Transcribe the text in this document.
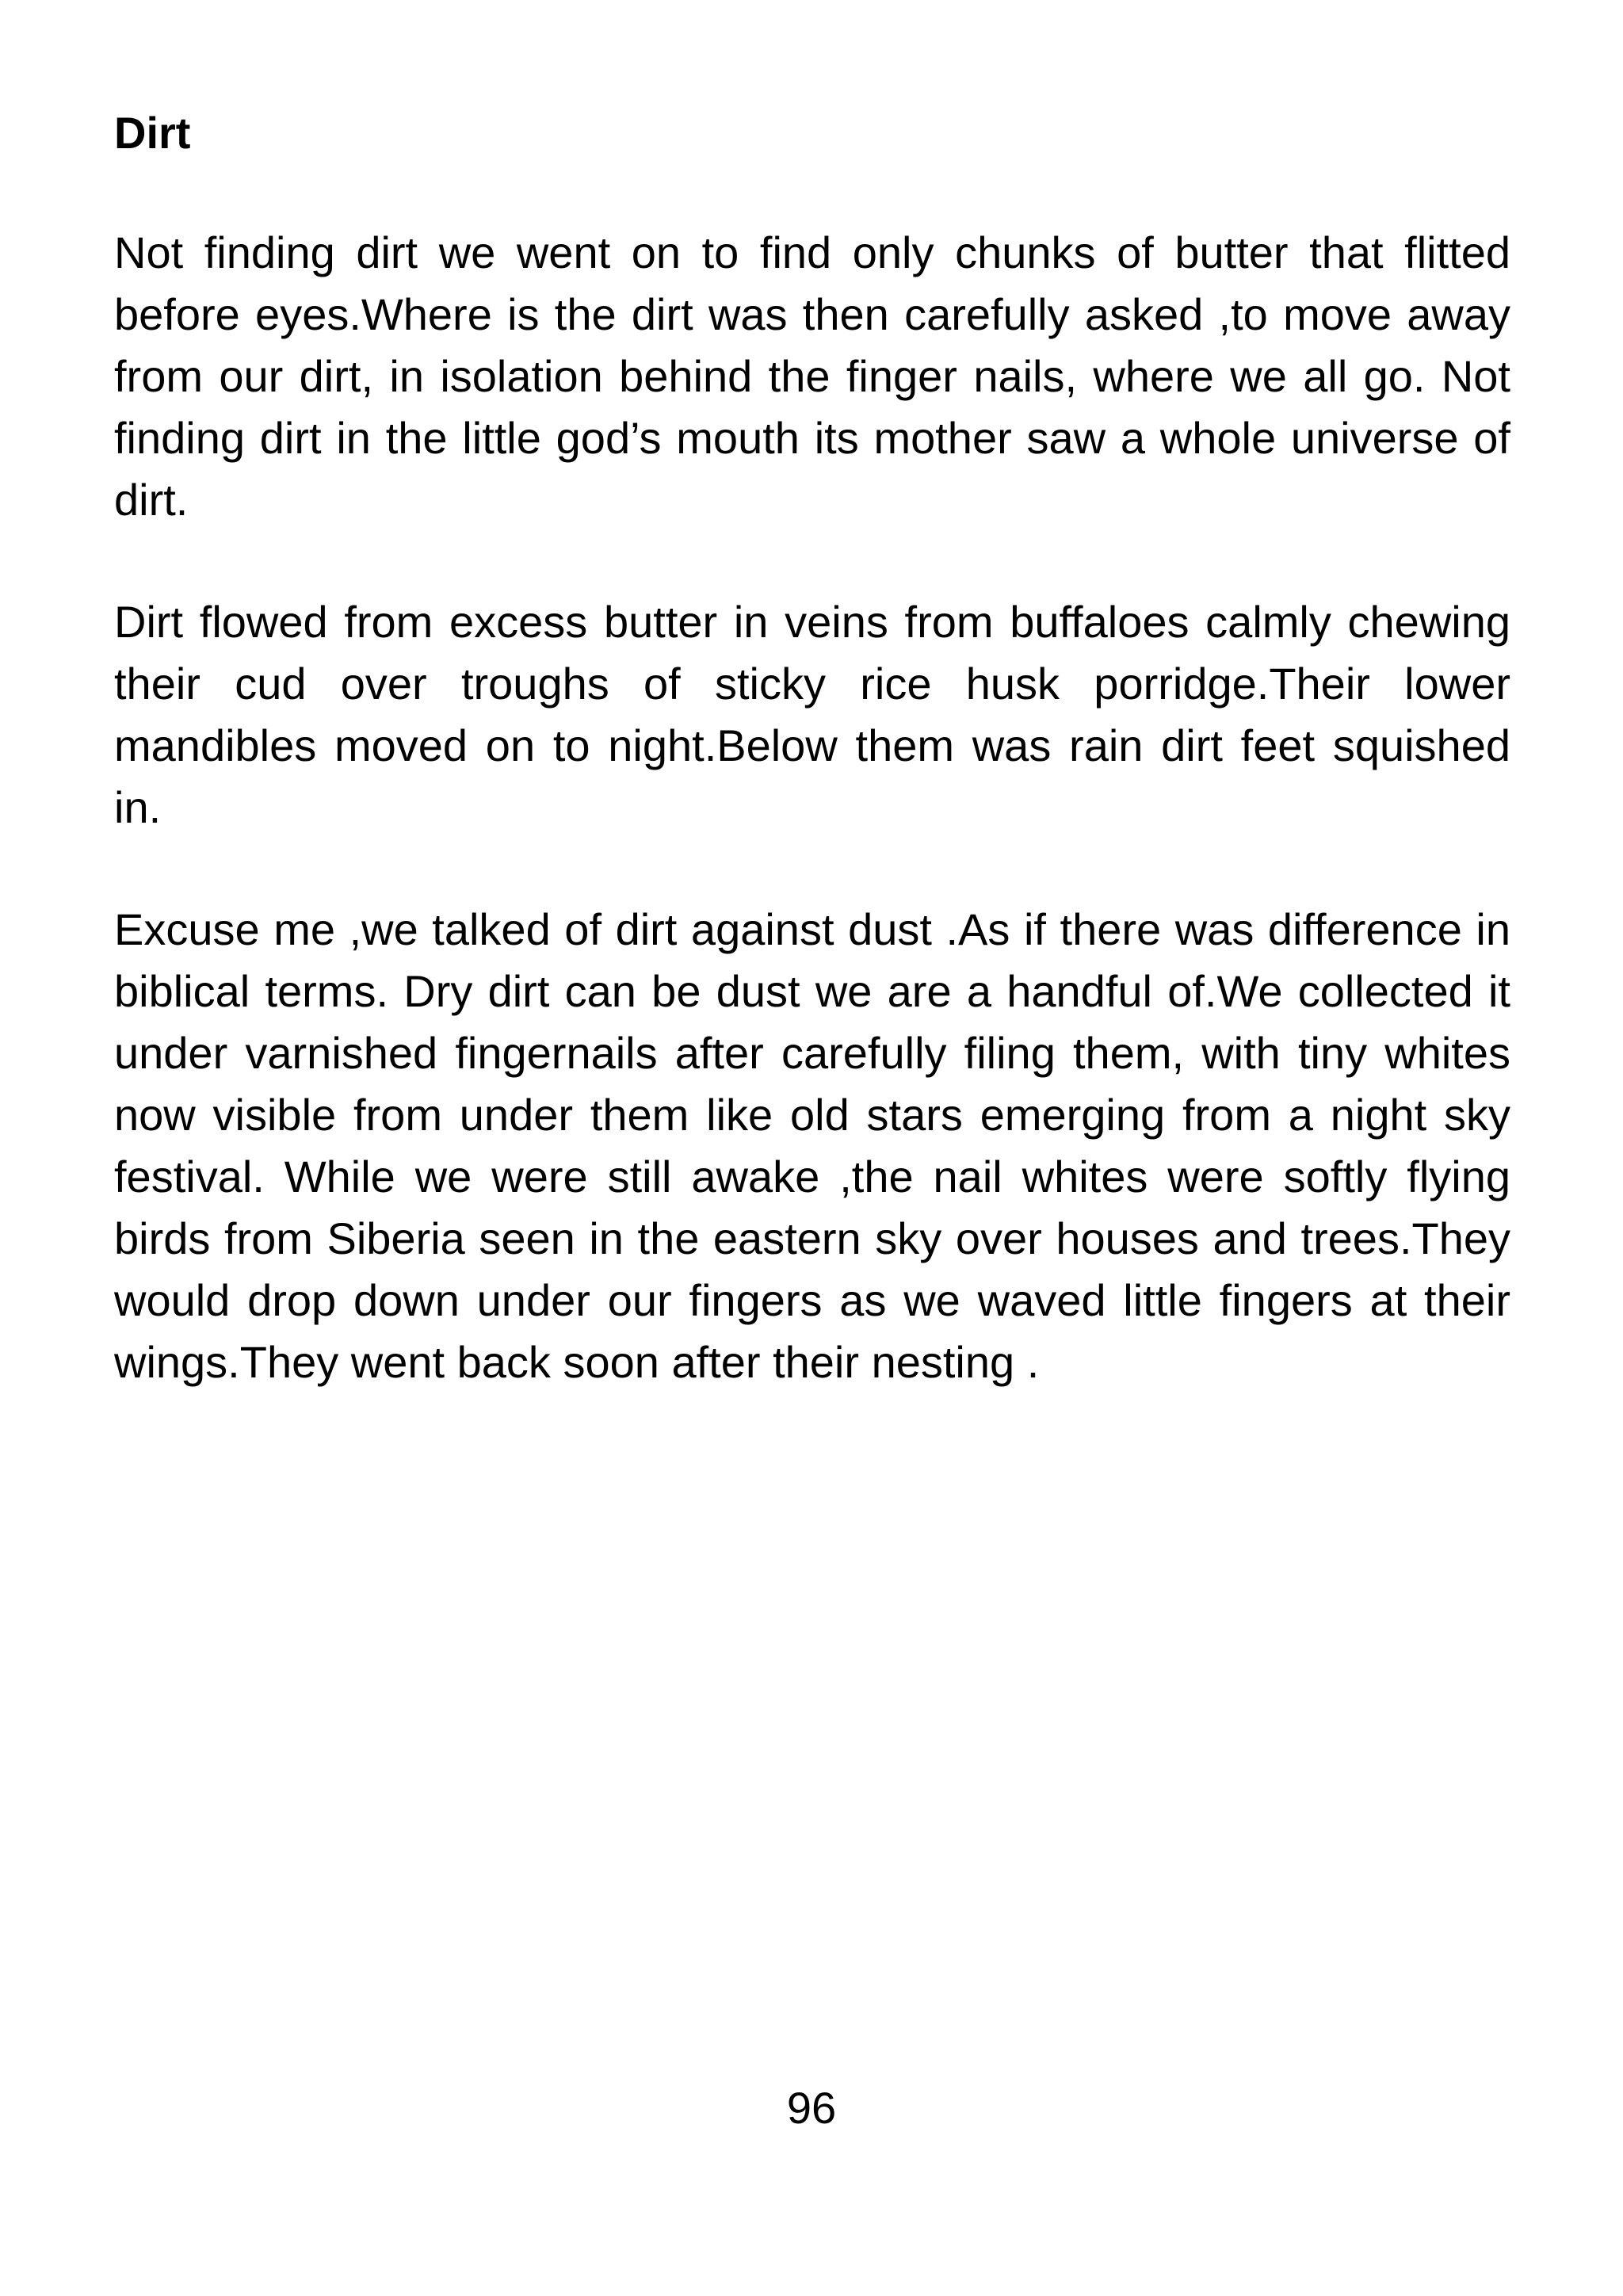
Dirt

Not finding dirt we went on to find only chunks of butter that flitted before eyes.Where is the dirt was then carefully asked ,to move away from our dirt, in isolation behind the finger nails, where we all go. Not finding dirt in the little god’s mouth its mother saw a whole universe of dirt.

Dirt flowed from excess butter in veins from buffaloes calmly chewing their cud over troughs of sticky rice husk porridge.Their lower mandibles moved on to night.Below them was rain dirt feet squished in.

Excuse me ,we talked of dirt against dust .As if there was difference in biblical terms. Dry dirt can be dust we are a handful of.We collected it under varnished fingernails after carefully filing them, with tiny whites now visible from under them like old stars emerging from a night sky festival. While we were still awake ,the nail whites were softly flying birds from Siberia seen in the eastern sky over houses and trees.They would drop down under our fingers as we waved little fingers at their wings.They went back soon after their nesting .

96
